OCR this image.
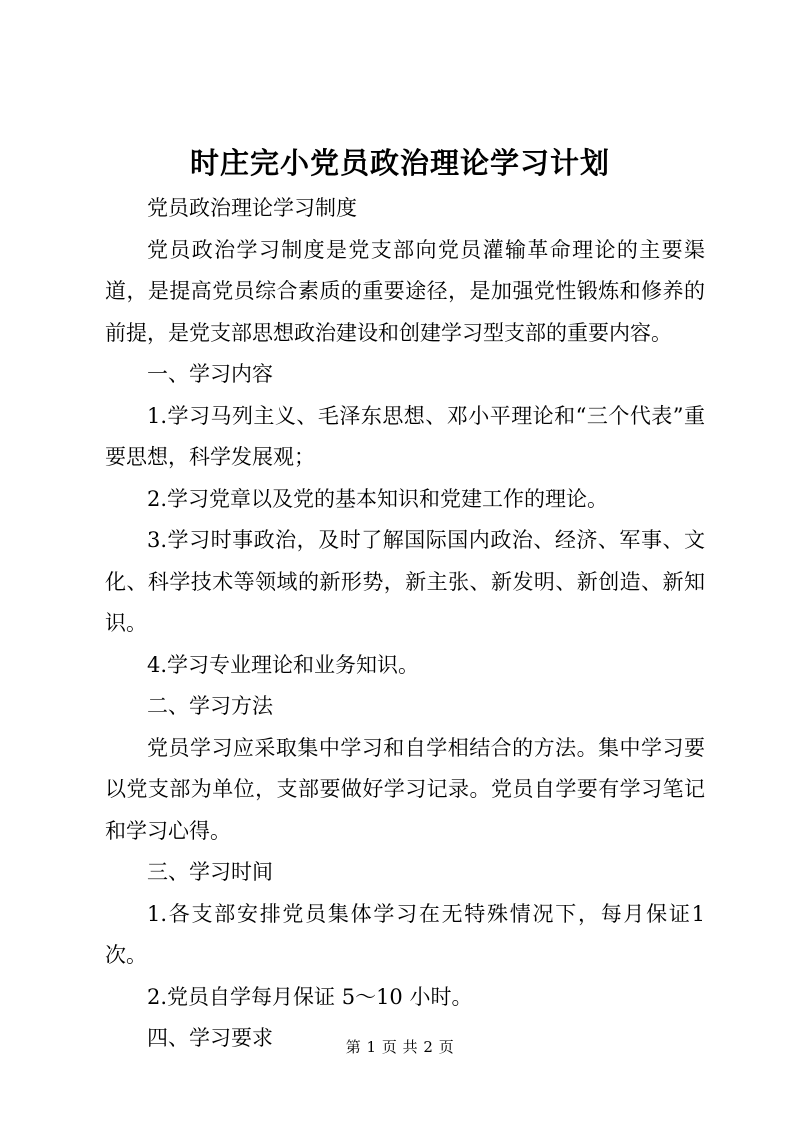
时庄完小党员政治理论学习计划

党员政治理论学习制度

党员政治学习制度是党支部向党员灌输革命理论的主要渠道，是提高党员综合素质的重要途径，是加强党性锻炼和修养的前提，是党支部思想政治建设和创建学习型支部的重要内容。

一、学习内容

1.学习马列主义、毛泽东思想、邓小平理论和“三个代表”重要思想，科学发展观；

2.学习党章以及党的基本知识和党建工作的理论。

3.学习时事政治，及时了解国际国内政治、经济、军事、文化、科学技术等领域的新形势，新主张、新发明、新创造、新知识。

4.学习专业理论和业务知识。

二、学习方法

党员学习应采取集中学习和自学相结合的方法。集中学习要以党支部为单位，支部要做好学习记录。党员自学要有学习笔记和学习心得。

三、学习时间

1.各支部安排党员集体学习在无特殊情况下，每月保证1次。

2.党员自学每月保证 5～10 小时。

四、学习要求	第 1 页 共 2 页
